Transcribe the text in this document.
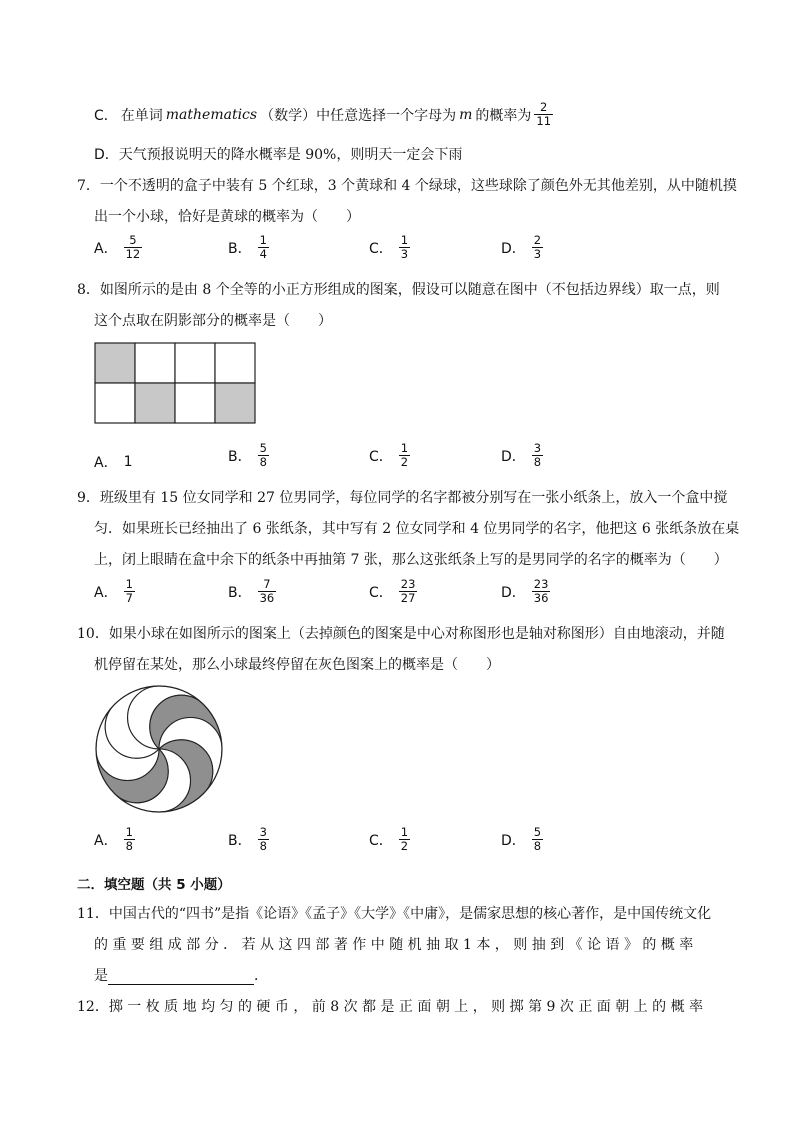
C． 在单词 mathematics （数学）中任意选择一个字母为 m 的概率为 $\frac{2}{11}$
D．天气预报说明天的降水概率是 90%，则明天一定会下雨
7．一个不透明的盒子中装有 5 个红球，3 个黄球和 4 个绿球，这些球除了颜色外无其他差别，从中随机摸
出一个小球，恰好是黄球的概率为（　　）
A． $\frac{5}{12}$	B． $\frac{1}{4}$	C． $\frac{1}{3}$	D． $\frac{2}{3}$
8．如图所示的是由 8 个全等的小正方形组成的图案，假设可以随意在图中（不包括边界线）取一点，则
这个点取在阴影部分的概率是（　　）
A． 1	B． $\frac{5}{8}$	C． $\frac{1}{2}$	D． $\frac{3}{8}$
9．班级里有 15 位女同学和 27 位男同学，每位同学的名字都被分别写在一张小纸条上，放入一个盒中搅
匀．如果班长已经抽出了 6 张纸条，其中写有 2 位女同学和 4 位男同学的名字，他把这 6 张纸条放在桌
上，闭上眼睛在盒中余下的纸条中再抽第 7 张，那么这张纸条上写的是男同学的名字的概率为（　　）
A． $\frac{1}{7}$	B． $\frac{7}{36}$	C． $\frac{23}{27}$	D． $\frac{23}{36}$
10．如果小球在如图所示的图案上（去掉颜色的图案是中心对称图形也是轴对称图形）自由地滚动，并随
机停留在某处，那么小球最终停留在灰色图案上的概率是（　　）
A． $\frac{1}{8}$	B． $\frac{3}{8}$	C． $\frac{1}{2}$	D． $\frac{5}{8}$
二．填空题（共 5 小题）
11．中国古代的“四书”是指《论语》《孟子》《大学》《中庸》，是儒家思想的核心著作，是中国传统文化
的 重 要 组 成 部 分 ． 若 从 这 四 部 著 作 中 随 机 抽 取 1 本 ， 则 抽 到 《 论 语 》 的 概 率
是	．
12．掷 一 枚 质 地 均 匀 的 硬 币 ， 前 8 次 都 是 正 面 朝 上 ， 则 掷 第 9 次 正 面 朝 上 的 概 率
